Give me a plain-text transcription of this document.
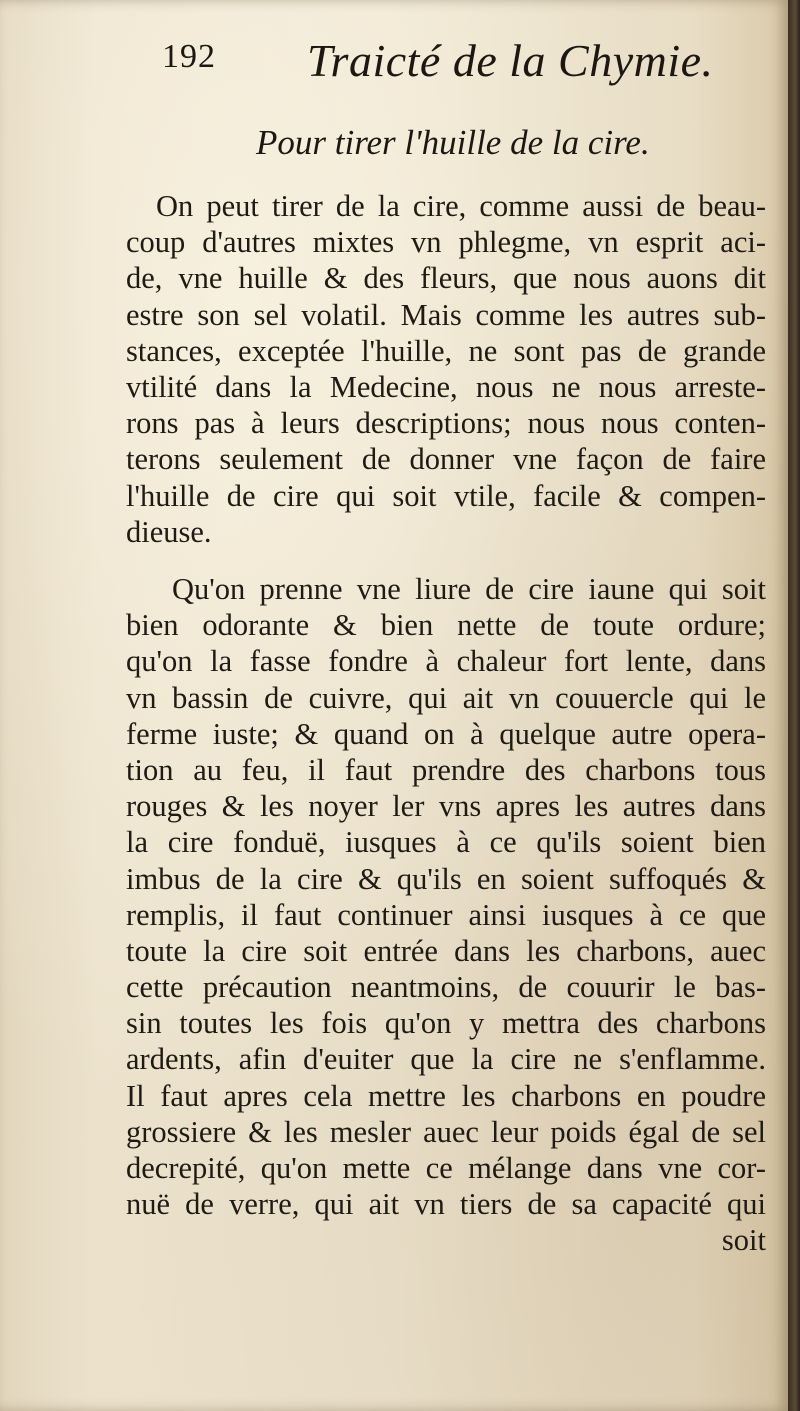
192 Traicté de la Chymie.
Pour tirer l'huille de la cire.
On peut tirer de la cire, comme aussi de beau-
coup d'autres mixtes vn phlegme, vn esprit aci-
de, vne huille & des fleurs, que nous auons dit
estre son sel volatil. Mais comme les autres sub-
stances, exceptée l'huille, ne sont pas de grande
vtilité dans la Medecine, nous ne nous arreste-
rons pas à leurs descriptions; nous nous conten-
terons seulement de donner vne façon de faire
l'huille de cire qui soit vtile, facile & compen-
dieuse.
Qu'on prenne vne liure de cire iaune qui soit
bien odorante & bien nette de toute ordure;
qu'on la fasse fondre à chaleur fort lente, dans
vn bassin de cuivre, qui ait vn couuercle qui le
ferme iuste; & quand on à quelque autre opera-
tion au feu, il faut prendre des charbons tous
rouges & les noyer ler vns apres les autres dans
la cire fonduë, iusques à ce qu'ils soient bien
imbus de la cire & qu'ils en soient suffoqués &
remplis, il faut continuer ainsi iusques à ce que
toute la cire soit entrée dans les charbons, auec
cette précaution neantmoins, de couurir le bas-
sin toutes les fois qu'on y mettra des charbons
ardents, afin d'euiter que la cire ne s'enflamme.
Il faut apres cela mettre les charbons en poudre
grossiere & les mesler auec leur poids égal de sel
decrepité, qu'on mette ce mélange dans vne cor-
nuë de verre, qui ait vn tiers de sa capacité qui
soit
